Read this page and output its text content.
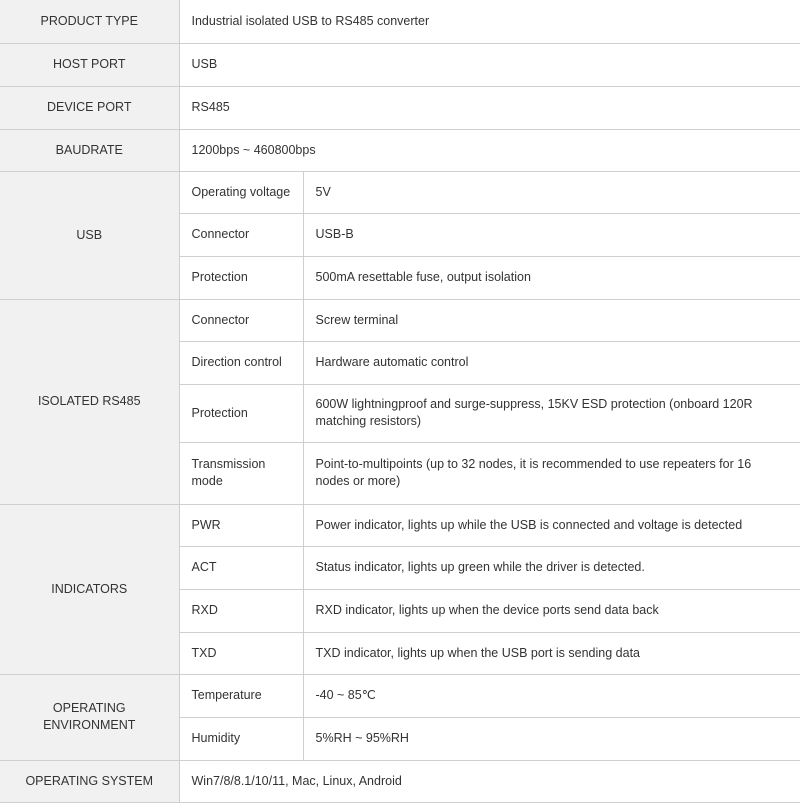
PRODUCT TYPE	Industrial isolated USB to RS485 converter	
HOST PORT	USB	
DEVICE PORT	RS485	
BAUDRATE	1200bps ~ 460800bps	
USB	Operating voltage	5V
	Connector	USB-B
	Protection	500mA resettable fuse, output isolation
ISOLATED RS485	Connector	Screw terminal
	Direction control	Hardware automatic control
	Protection	600W lightningproof and surge-suppress, 15KV ESD protection (onboard 120R matching resistors)
	Transmission mode	Point-to-multipoints (up to 32 nodes, it is recommended to use repeaters for 16 nodes or more)
INDICATORS	PWR	Power indicator, lights up while the USB is connected and voltage is detected
	ACT	Status indicator, lights up green while the driver is detected.
	RXD	RXD indicator, lights up when the device ports send data back
	TXD	TXD indicator, lights up when the USB port is sending data
OPERATING ENVIRONMENT	Temperature	-40 ~ 85℃
	Humidity	5%RH ~ 95%RH
OPERATING SYSTEM	Win7/8/8.1/10/11, Mac, Linux, Android	
